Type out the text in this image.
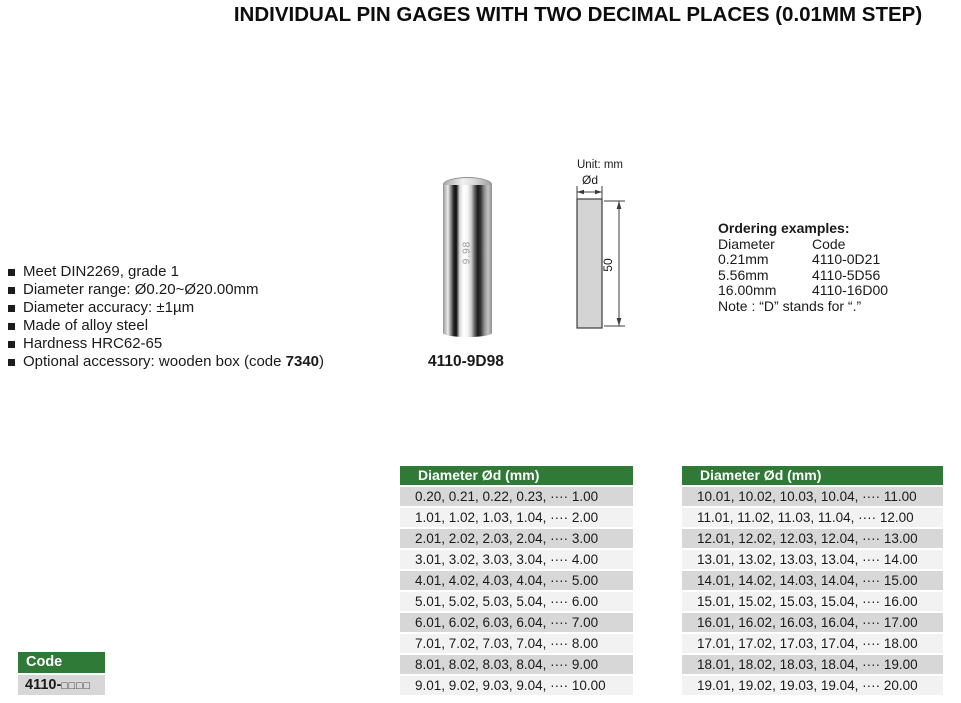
INDIVIDUAL PIN GAGES WITH TWO DECIMAL PLACES (0.01MM STEP)
Meet DIN2269, grade 1
Diameter range: Ø0.20~Ø20.00mm
Diameter accuracy: ±1µm
Made of alloy steel
Hardness HRC62-65
Optional accessory: wooden box (code 7340 )
9.98
4110-9D98
Unit: mm
Ød
50
Ordering examples:
Diameter	Code
0.21mm	4110-0D21
5.56mm	4110-5D56
16.00mm	4110-16D00
Note : “D” stands for “.”
Diameter Ød (mm)
0.20, 0.21, 0.22, 0.23, ···· 1.00
1.01, 1.02, 1.03, 1.04, ···· 2.00
2.01, 2.02, 2.03, 2.04, ···· 3.00
3.01, 3.02, 3.03, 3.04, ···· 4.00
4.01, 4.02, 4.03, 4.04, ···· 5.00
5.01, 5.02, 5.03, 5.04, ···· 6.00
6.01, 6.02, 6.03, 6.04, ···· 7.00
7.01, 7.02, 7.03, 7.04, ···· 8.00
8.01, 8.02, 8.03, 8.04, ···· 9.00
9.01, 9.02, 9.03, 9.04, ···· 10.00
Diameter Ød (mm)
10.01, 10.02, 10.03, 10.04, ···· 11.00
11.01, 11.02, 11.03, 11.04, ···· 12.00
12.01, 12.02, 12.03, 12.04, ···· 13.00
13.01, 13.02, 13.03, 13.04, ···· 14.00
14.01, 14.02, 14.03, 14.04, ···· 15.00
15.01, 15.02, 15.03, 15.04, ···· 16.00
16.01, 16.02, 16.03, 16.04, ···· 17.00
17.01, 17.02, 17.03, 17.04, ···· 18.00
18.01, 18.02, 18.03, 18.04, ···· 19.00
19.01, 19.02, 19.03, 19.04, ···· 20.00
Code
4110-□□□□
